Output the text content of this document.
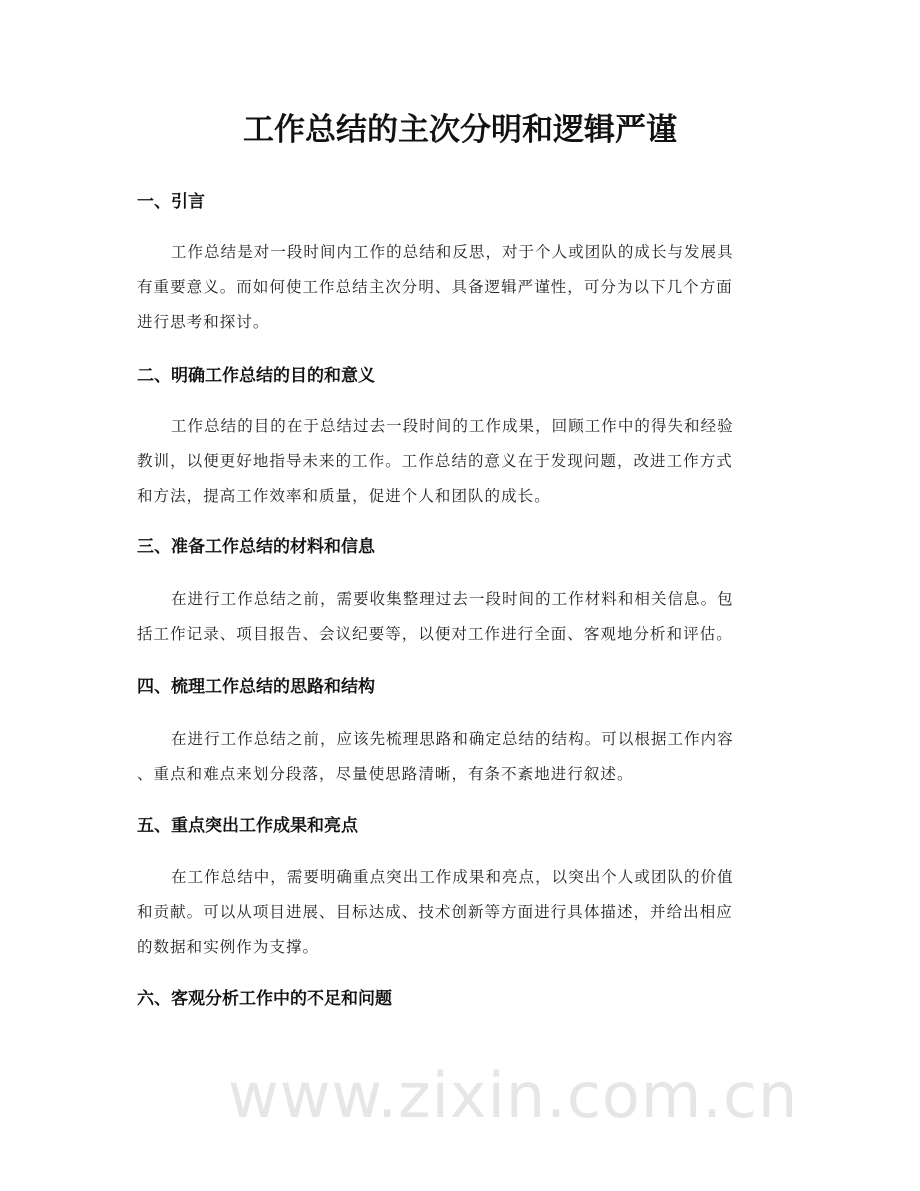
工作总结的主次分明和逻辑严谨
一、引言
工作总结是对一段时间内工作的总结和反思，对于个人或团队的成长与发展具
有重要意义。而如何使工作总结主次分明、具备逻辑严谨性，可分为以下几个方面
进行思考和探讨。
二、明确工作总结的目的和意义
工作总结的目的在于总结过去一段时间的工作成果，回顾工作中的得失和经验
教训，以便更好地指导未来的工作。工作总结的意义在于发现问题，改进工作方式
和方法，提高工作效率和质量，促进个人和团队的成长。
三、准备工作总结的材料和信息
在进行工作总结之前，需要收集整理过去一段时间的工作材料和相关信息。包
括工作记录、项目报告、会议纪要等，以便对工作进行全面、客观地分析和评估。
四、梳理工作总结的思路和结构
在进行工作总结之前，应该先梳理思路和确定总结的结构。可以根据工作内容
、重点和难点来划分段落，尽量使思路清晰，有条不紊地进行叙述。
五、重点突出工作成果和亮点
在工作总结中，需要明确重点突出工作成果和亮点，以突出个人或团队的价值
和贡献。可以从项目进展、目标达成、技术创新等方面进行具体描述，并给出相应
的数据和实例作为支撑。
六、客观分析工作中的不足和问题
www.zixin.com.cn
